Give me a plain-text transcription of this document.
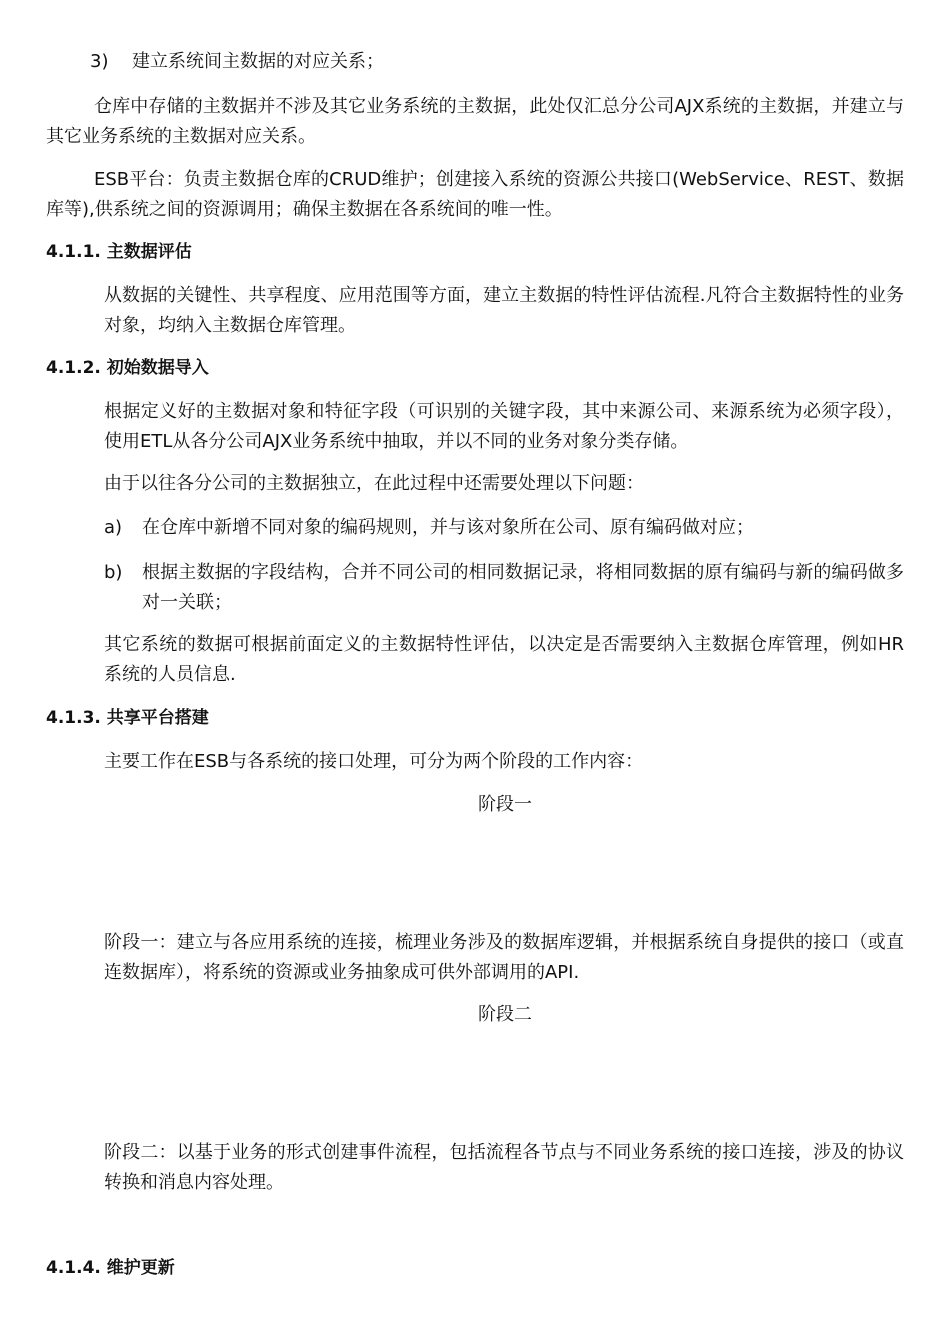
3) 建立系统间主数据的对应关系；

仓库中存储的主数据并不涉及其它业务系统的主数据，此处仅汇总分公司AJX系统的主数据，并建立与其它业务系统的主数据对应关系。

ESB平台：负责主数据仓库的CRUD维护；创建接入系统的资源公共接口(WebService、REST、数据库等),供系统之间的资源调用；确保主数据在各系统间的唯一性。

4.1.1. 主数据评估

从数据的关键性、共享程度、应用范围等方面，建立主数据的特性评估流程.凡符合主数据特性的业务对象，均纳入主数据仓库管理。

4.1.2. 初始数据导入

根据定义好的主数据对象和特征字段（可识别的关键字段，其中来源公司、来源系统为必须字段），使用ETL从各分公司AJX业务系统中抽取，并以不同的业务对象分类存储。

由于以往各分公司的主数据独立，在此过程中还需要处理以下问题：

a) 在仓库中新增不同对象的编码规则，并与该对象所在公司、原有编码做对应；

b) 根据主数据的字段结构，合并不同公司的相同数据记录，将相同数据的原有编码与新的编码做多对一关联；

其它系统的数据可根据前面定义的主数据特性评估，以决定是否需要纳入主数据仓库管理，例如HR系统的人员信息.

4.1.3. 共享平台搭建

主要工作在ESB与各系统的接口处理，可分为两个阶段的工作内容：

阶段一

阶段一：建立与各应用系统的连接，梳理业务涉及的数据库逻辑，并根据系统自身提供的接口（或直连数据库），将系统的资源或业务抽象成可供外部调用的API.

阶段二

阶段二：以基于业务的形式创建事件流程，包括流程各节点与不同业务系统的接口连接，涉及的协议转换和消息内容处理。

4.1.4. 维护更新
